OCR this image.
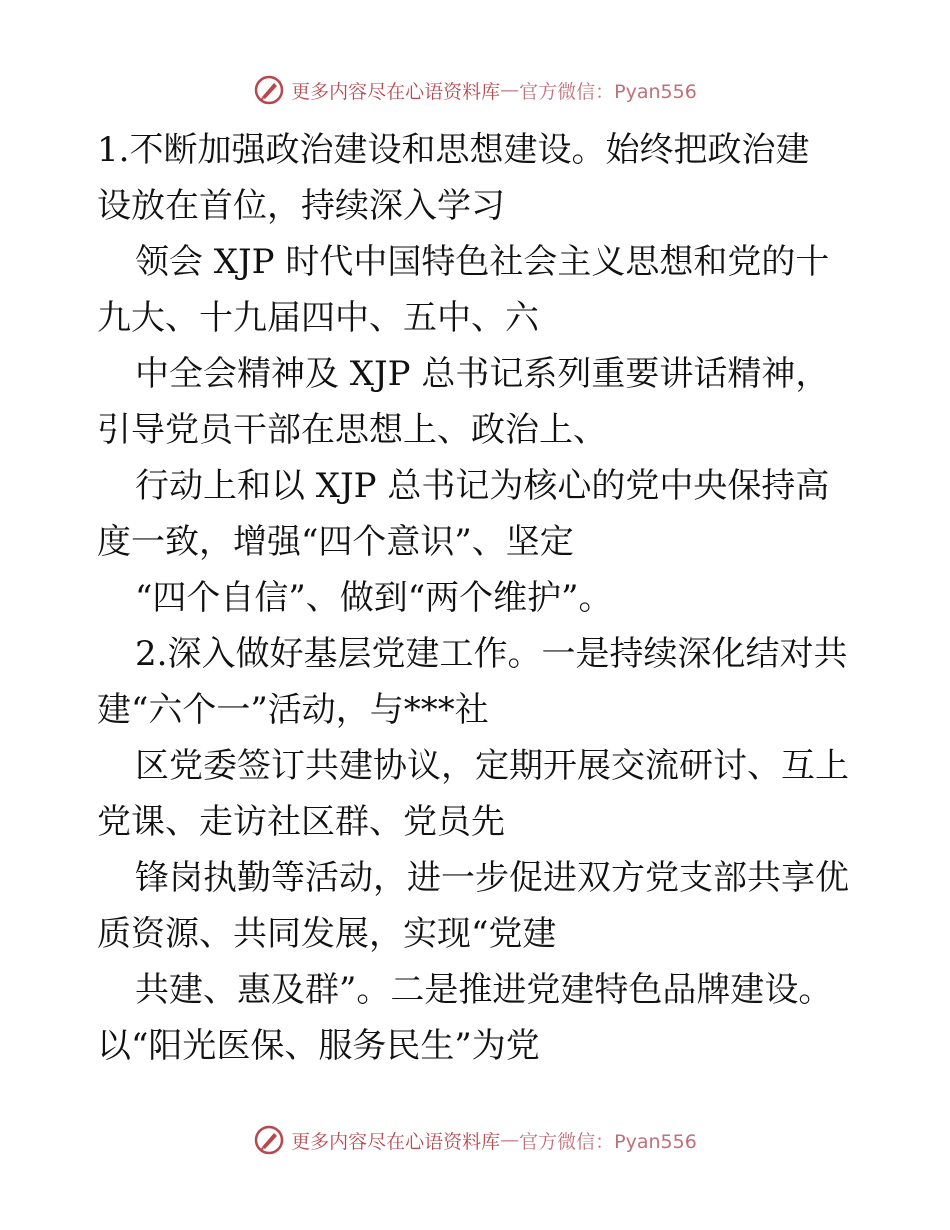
更多内容尽在心语资料库 — 官方微信：Pyan556
1.不断加强政治建设和思想建设。始终把政治建
设放在首位，持续深入学习
领会 XJP 时代中国特色社会主义思想和党的十
九大、十九届四中、五中、六
中全会精神及 XJP 总书记系列重要讲话精神，
引导党员干部在思想上、政治上、
行动上和以 XJP 总书记为核心的党中央保持高
度一致，增强“四个意识”、坚定
“四个自信”、做到“两个维护”。
2.深入做好基层党建工作。一是持续深化结对共
建“六个一”活动，与***社
区党委签订共建协议，定期开展交流研讨、互上
党课、走访社区群、党员先
锋岗执勤等活动，进一步促进双方党支部共享优
质资源、共同发展，实现“党建
共建、惠及群”。二是推进党建特色品牌建设。
以“阳光医保、服务民生”为党
更多内容尽在心语资料库 — 官方微信：Pyan556
